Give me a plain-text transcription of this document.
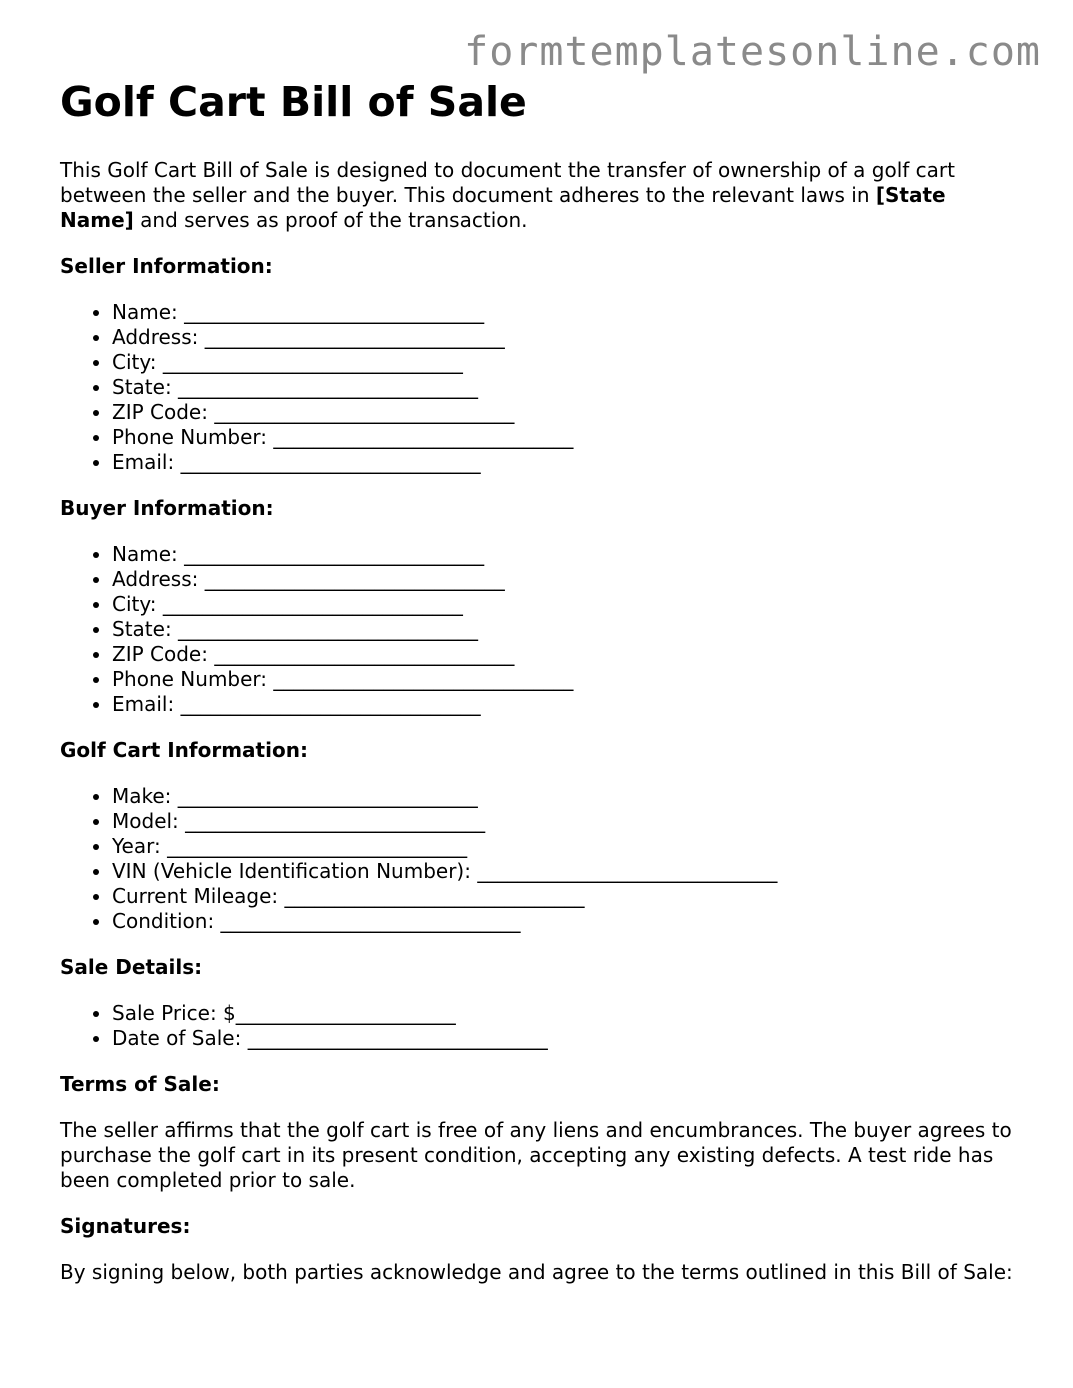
formtemplatesonline.com
Golf Cart Bill of Sale

This Golf Cart Bill of Sale is designed to document the transfer of ownership of a golf cart between the seller and the buyer. This document adheres to the relevant laws in [State Name] and serves as proof of the transaction.

Seller Information:
• Name: ______________________________
• Address: ______________________________
• City: ______________________________
• State: ______________________________
• ZIP Code: ______________________________
• Phone Number: ______________________________
• Email: ______________________________
Buyer Information:
• Name: ______________________________
• Address: ______________________________
• City: ______________________________
• State: ______________________________
• ZIP Code: ______________________________
• Phone Number: ______________________________
• Email: ______________________________
Golf Cart Information:
• Make: ______________________________
• Model: ______________________________
• Year: ______________________________
• VIN (Vehicle Identification Number): ______________________________
• Current Mileage: ______________________________
• Condition: ______________________________
Sale Details:
• Sale Price: $______________________
• Date of Sale: ______________________________
Terms of Sale:

The seller affirms that the golf cart is free of any liens and encumbrances. The buyer agrees to purchase the golf cart in its present condition, accepting any existing defects. A test ride has been completed prior to sale.

Signatures:

By signing below, both parties acknowledge and agree to the terms outlined in this Bill of Sale:
